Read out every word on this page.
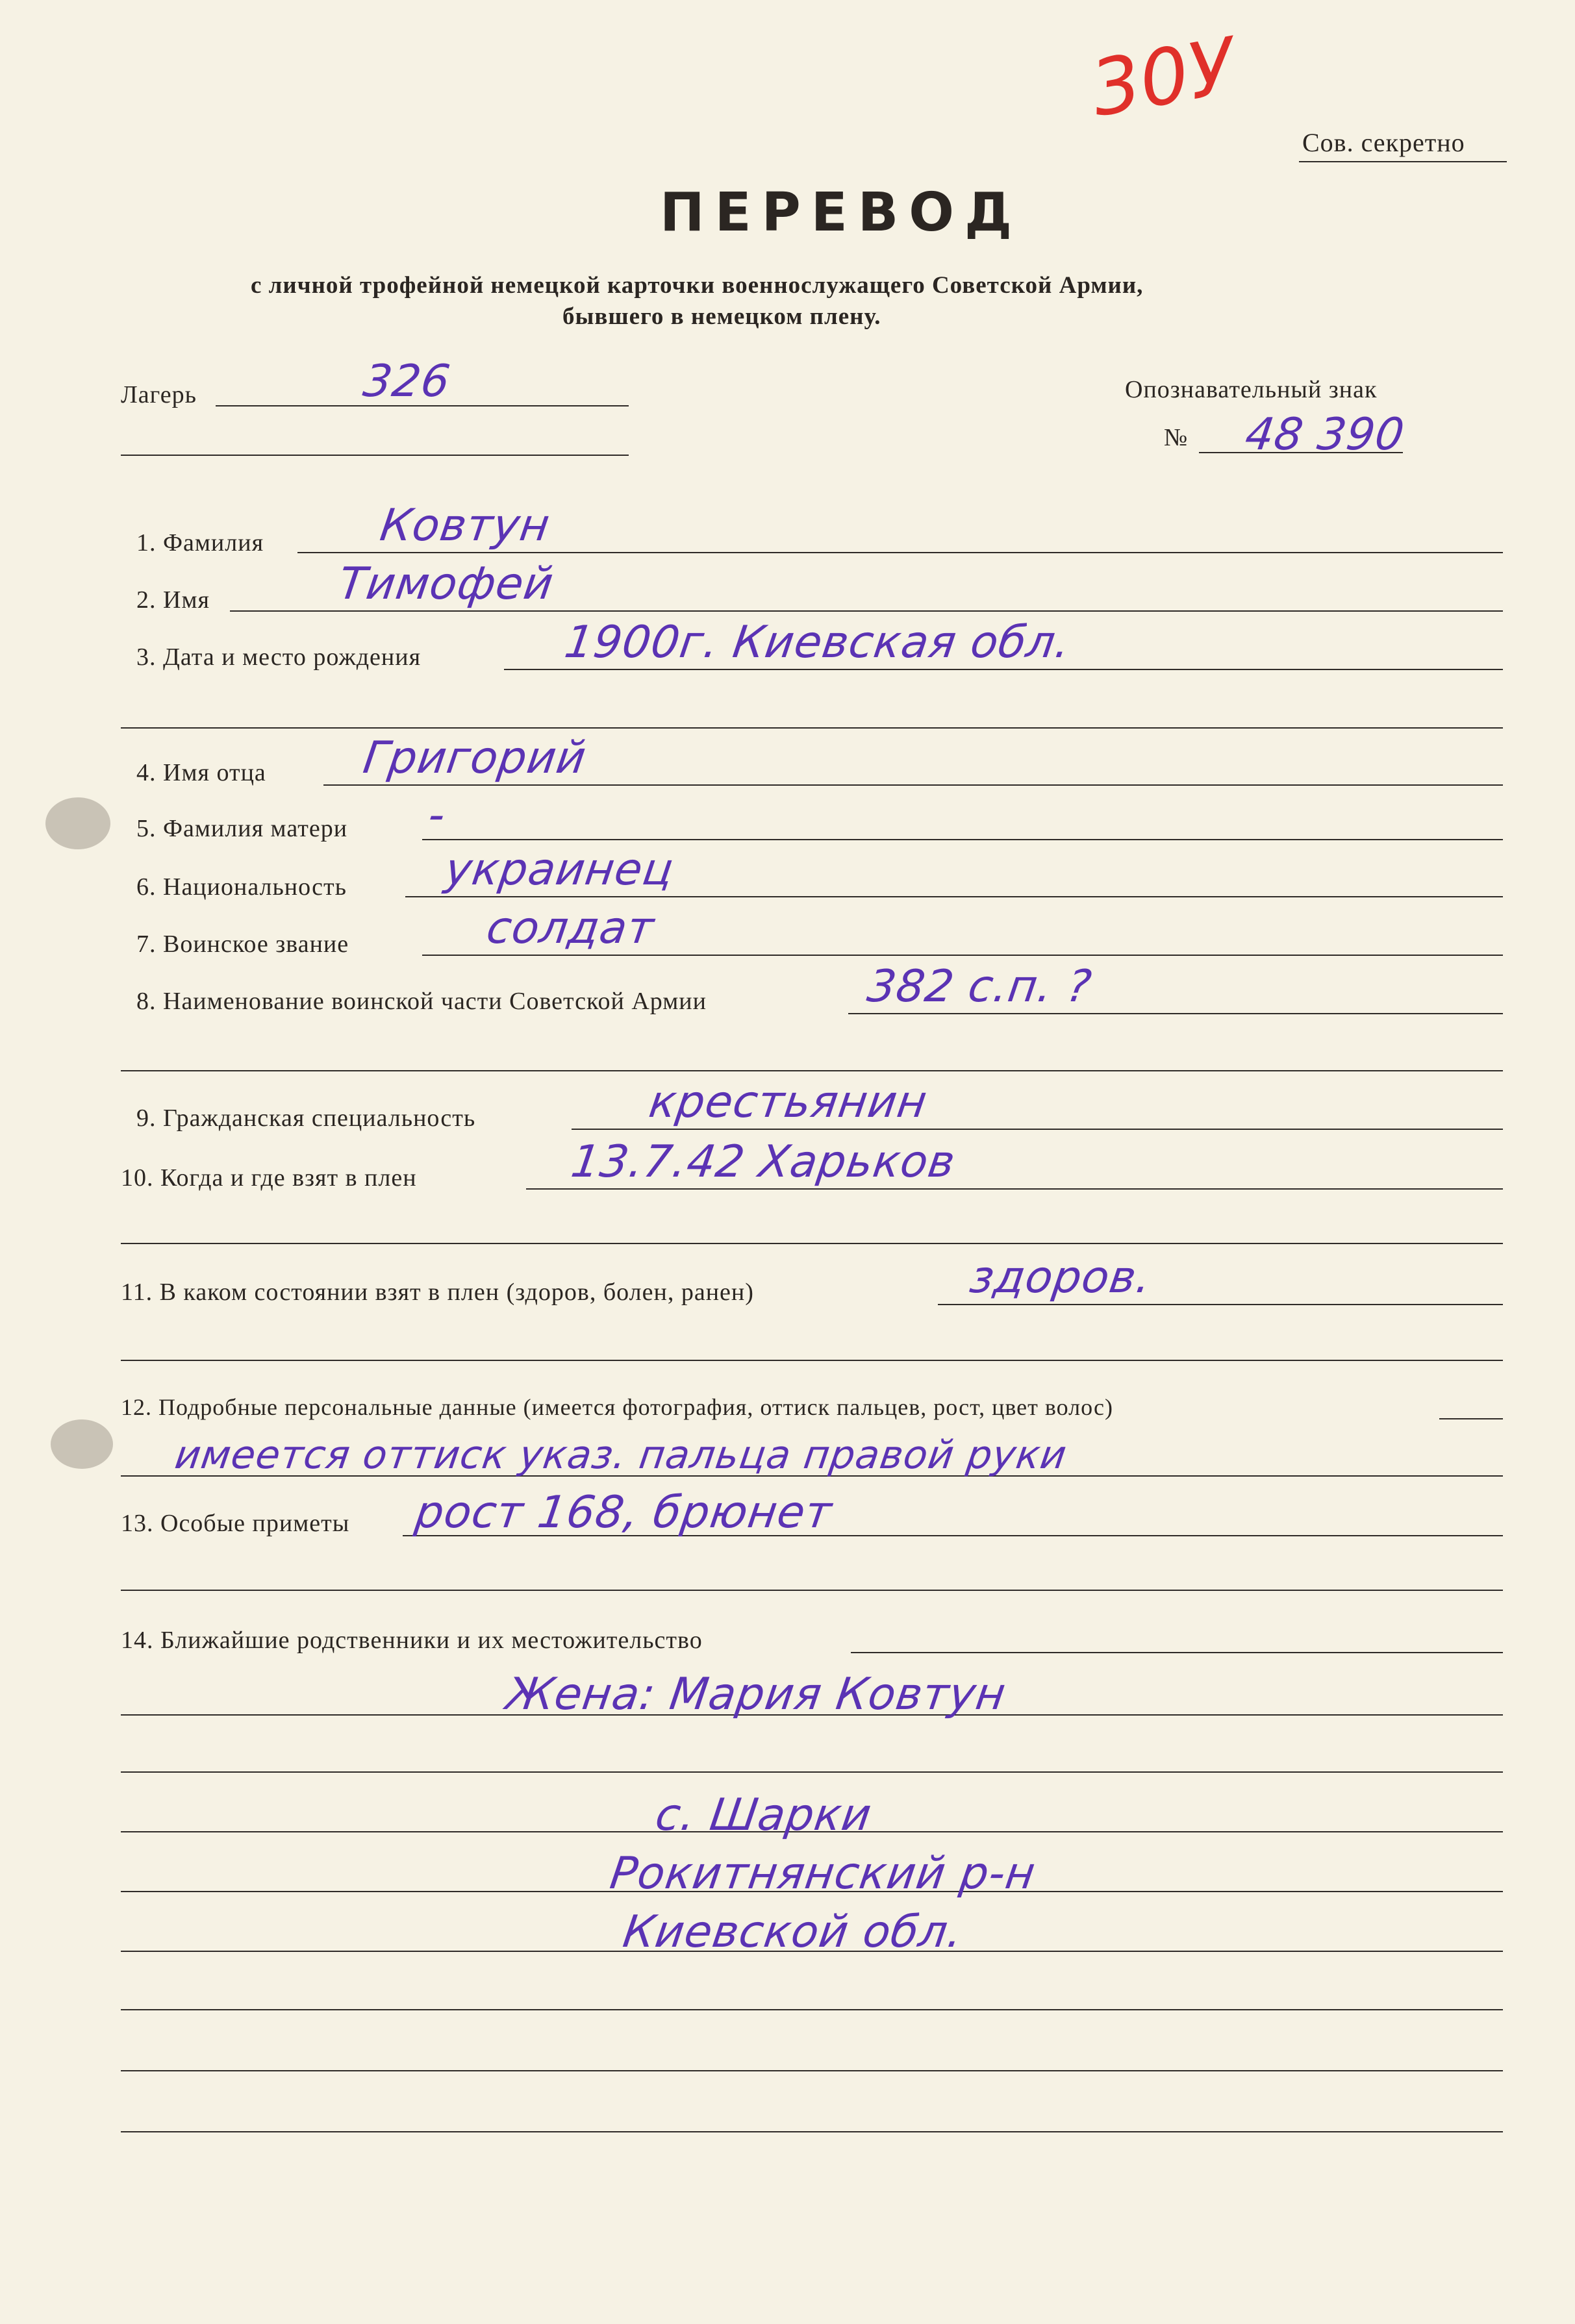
30У
Сов. секретно
ПЕРЕВОД
с личной трофейной немецкой карточки военнослужащего Советской Армии,
бывшего в немецком плену.
Лагерь	326	Опознавательный знак
№ 48 390
1. Фамилия	Ковтун
2. Имя	Тимофей
3. Дата и место рождения	1900г. Киевская обл.
4. Имя отца Григорий
5. Фамилия матери -
6. Национальность украинец
7. Воинское звание	солдат
8. Наименование воинской части Советской Армии	382 с.п. ?
9. Гражданская специальность	крестьянин
10. Когда и где взят в плен	13.7.42 Харьков
11. В каком состоянии взят в плен (здоров, болен, ранен)	здоров.
12. Подробные персональные данные (имеется фотография, оттиск пальцев, рост, цвет волос)
имеется оттиск указ. пальца правой руки
13. Особые приметы рост 168, брюнет
14. Ближайшие родственники и их местожительство
Жена: Мария Ковтун
с. Шарки
Рокитнянский р-н
Киевской обл.
